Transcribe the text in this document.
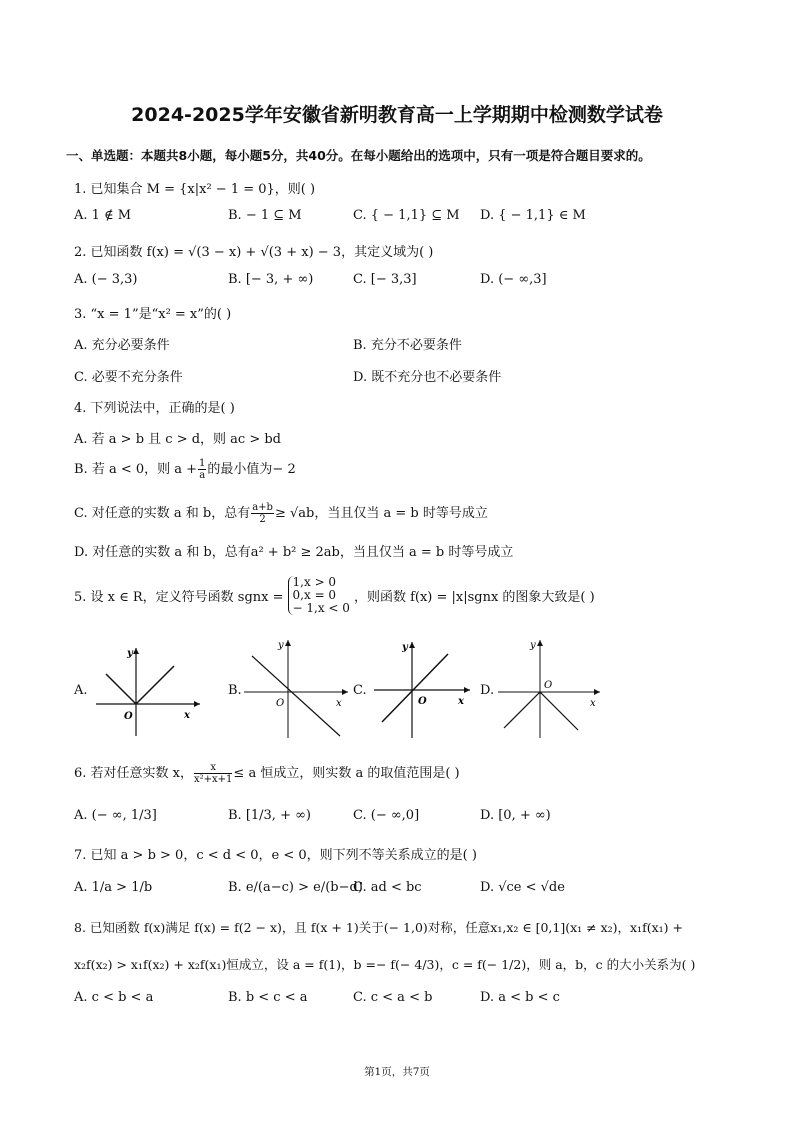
2024-2025学年安徽省新明教育高一上学期期中检测数学试卷
一、单选题：本题共8小题，每小题5分，共40分。在每小题给出的选项中，只有一项是符合题目要求的。
1. 已知集合 M = {x|x² − 1 = 0}，则( )
A. 1 ∉ M	B. − 1 ⊆ M	C. { − 1,1} ⊆ M D. { − 1,1} ∈ M
2. 已知函数 f(x) = √(3 − x) + √(3 + x) − 3，其定义域为( )
A. (− 3,3)	B. [− 3, + ∞)	C. [− 3,3]	D. (− ∞,3]
3. “x = 1”是“x² = x”的( )
A. 充分必要条件	B. 充分不必要条件
C. 必要不充分条件	D. 既不充分也不必要条件
4. 下列说法中，正确的是( )
A. 若 a > b 且 c > d，则 ac > bd
B. 若 a < 0，则 $a + \frac{1}{a}$ 的最小值为− 2
C. 对任意的实数 a 和 b，总有 $\frac{a+b}{2} \ge √ab$，当且仅当 a = b 时等号成立
D. 对任意的实数 a 和 b，总有a² + b² ≥ 2ab，当且仅当 a = b 时等号成立
5. 设 x ∈ R，定义符号函数 sgnx =
1,x > 0
0,x = 0
− 1,x < 0
，则函数 f(x) = |x|sgnx 的图象大致是( )
A.
y
O	x
B.
y
O	x
C.
y
O	x
D.
y
O
x
6. 若对任意实数 x， $\frac{x}{\text{x²+x+1}} \le a$ 恒成立，则实数 a 的取值范围是( )
A. (− ∞, 1/3]	B. [1/3, + ∞)	C. (− ∞,0]	D. [0, + ∞)
7. 已知 a > b > 0，c < d < 0，e < 0，则下列不等关系成立的是( )
A. 1/a > 1/b	B. e/(a−c) > e/(b−d)
C. ad < bc	D. √ce < √de
8. 已知函数 f(x)满足 f(x) = f(2 − x)，且 f(x + 1)关于(− 1,0)对称，任意x₁,x₂ ∈ [0,1](x₁ ≠ x₂)，x₁f(x₁) +
x₂f(x₂) > x₁f(x₂) + x₂f(x₁)恒成立，设 a = f(1)，b =− f(− 4/3)，c = f(− 1/2)，则 a，b，c 的大小关系为( )
A. c < b < a	B. b < c < a	C. c < a < b	D. a < b < c
第1页，共7页
